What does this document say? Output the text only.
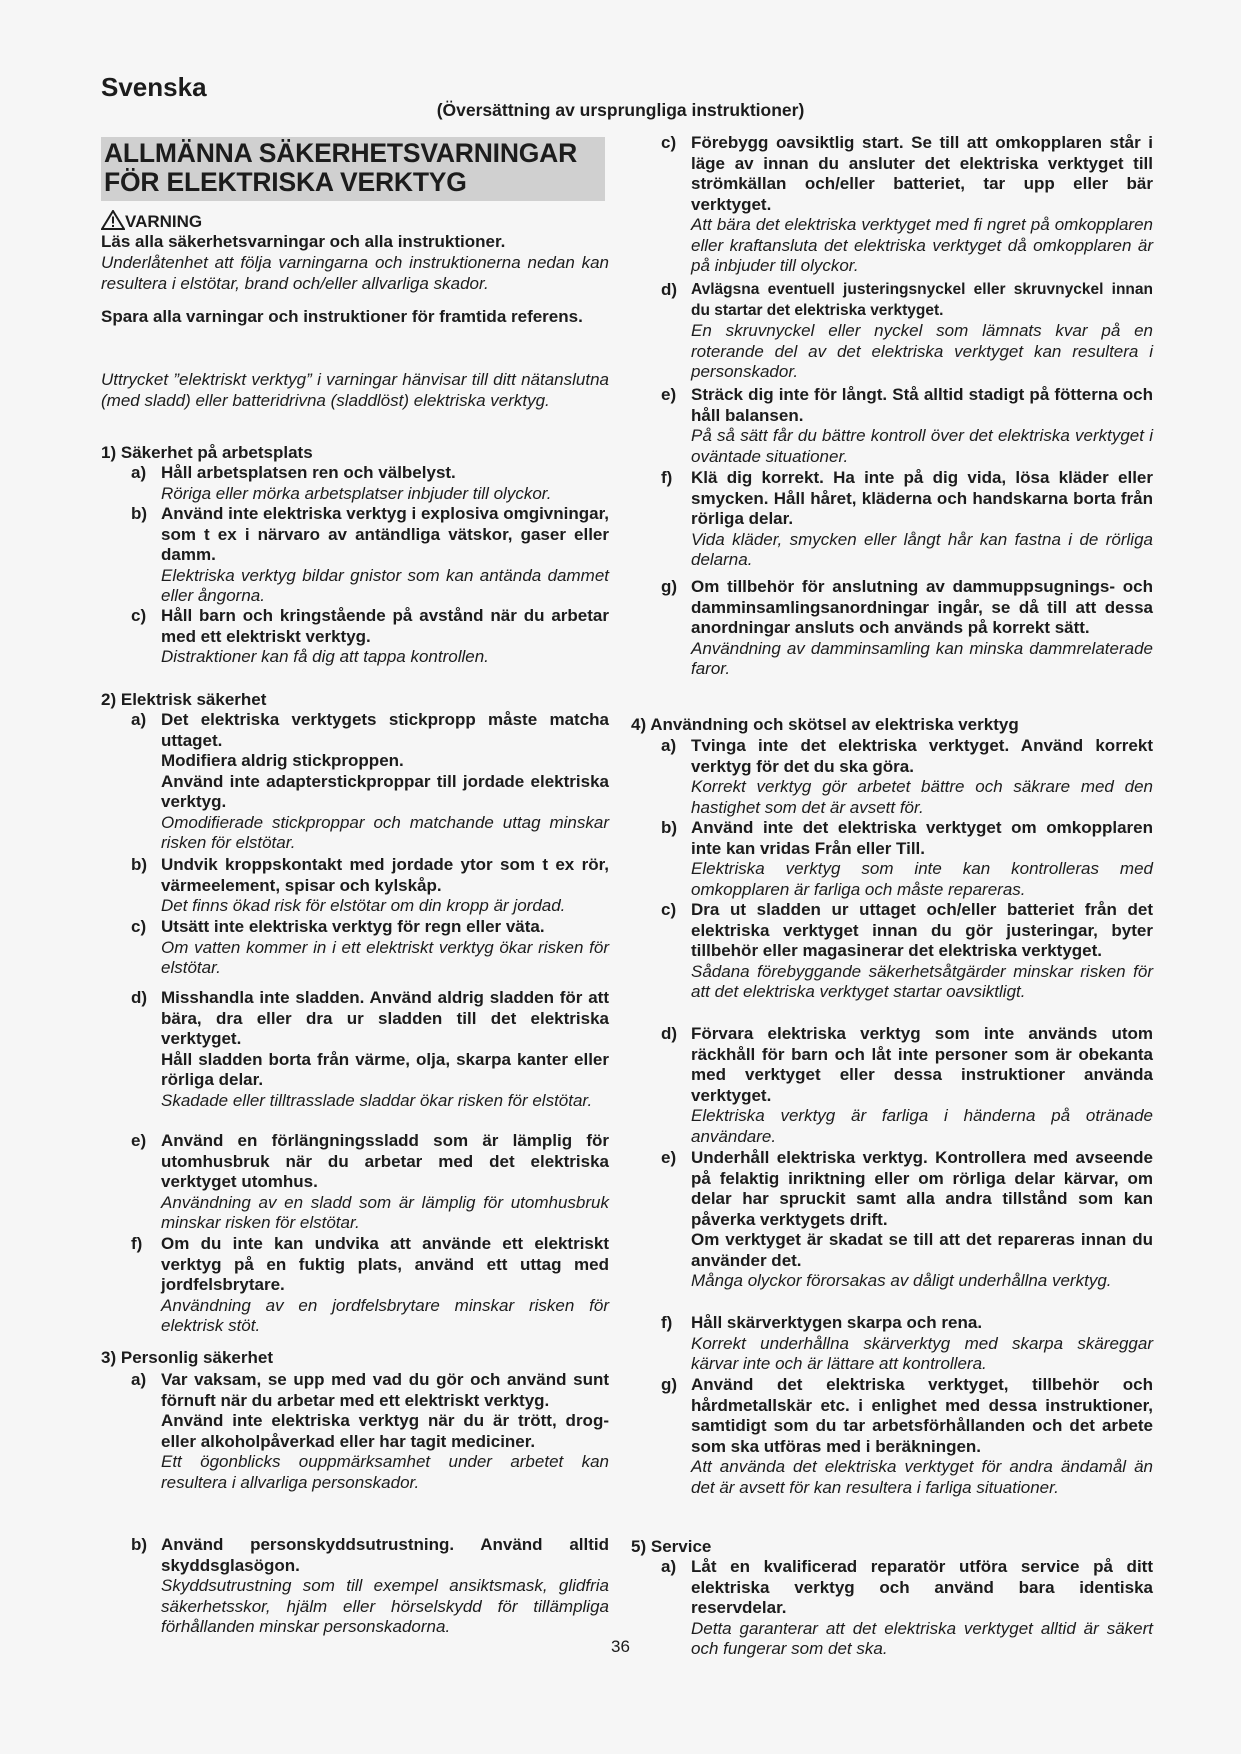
Svenska
(Översättning av ursprungliga instruktioner)

ALLMÄNNA SÄKERHETSVARNINGAR FÖR ELEKTRISKA VERKTYG

VARNING
Läs alla säkerhetsvarningar och alla instruktioner.
Underlåtenhet att följa varningarna och instruktionerna nedan kan resultera i elstötar, brand och/eller allvarliga skador.
Spara alla varningar och instruktioner för framtida referens.
Uttrycket ”elektriskt verktyg” i varningar hänvisar till ditt nätanslutna (med sladd) eller batteridrivna (sladdlöst) elektriska verktyg.
1) Säkerhet på arbetsplats
a) Håll arbetsplatsen ren och välbelyst.
Röriga eller mörka arbetsplatser inbjuder till olyckor.
b) Använd inte elektriska verktyg i explosiva omgivningar, som t ex i närvaro av antändliga vätskor, gaser eller damm.
Elektriska verktyg bildar gnistor som kan antända dammet eller ångorna.
c) Håll barn och kringstående på avstånd när du arbetar med ett elektriskt verktyg.
Distraktioner kan få dig att tappa kontrollen.
2) Elektrisk säkerhet
a) Det elektriska verktygets stickpropp måste matcha uttaget.
Modifiera aldrig stickproppen.
Använd inte adapterstickproppar till jordade elektriska verktyg.
Omodifierade stickproppar och matchande uttag minskar risken för elstötar.
b) Undvik kroppskontakt med jordade ytor som t ex rör, värmeelement, spisar och kylskåp.
Det finns ökad risk för elstötar om din kropp är jordad.
c) Utsätt inte elektriska verktyg för regn eller väta.
Om vatten kommer in i ett elektriskt verktyg ökar risken för elstötar.
d) Misshandla inte sladden. Använd aldrig sladden för att bära, dra eller dra ur sladden till det elektriska verktyget.
Håll sladden borta från värme, olja, skarpa kanter eller rörliga delar.
Skadade eller tilltrasslade sladdar ökar risken för elstötar.
e) Använd en förlängningssladd som är lämplig för utomhusbruk när du arbetar med det elektriska verktyget utomhus.
Användning av en sladd som är lämplig för utomhusbruk minskar risken för elstötar.
f) Om du inte kan undvika att använde ett elektriskt verktyg på en fuktig plats, använd ett uttag med jordfelsbrytare.
Användning av en jordfelsbrytare minskar risken för elektrisk stöt.
3) Personlig säkerhet
a) Var vaksam, se upp med vad du gör och använd sunt förnuft när du arbetar med ett elektriskt verktyg.
Använd inte elektriska verktyg när du är trött, drog- eller alkoholpåverkad eller har tagit mediciner.
Ett ögonblicks ouppmärksamhet under arbetet kan resultera i allvarliga personskador.
b) Använd personskyddsutrustning. Använd alltid skyddsglasögon.
Skyddsutrustning som till exempel ansiktsmask, glidfria säkerhetsskor, hjälm eller hörselskydd för tillämpliga förhållanden minskar personskadorna.
c) Förebygg oavsiktlig start. Se till att omkopplaren står i läge av innan du ansluter det elektriska verktyget till strömkällan och/eller batteriet, tar upp eller bär verktyget.
Att bära det elektriska verktyget med fi ngret på omkopplaren eller kraftansluta det elektriska verktyget då omkopplaren är på inbjuder till olyckor.
d) Avlägsna eventuell justeringsnyckel eller skruvnyckel innan du startar det elektriska verktyget.
En skruvnyckel eller nyckel som lämnats kvar på en roterande del av det elektriska verktyget kan resultera i personskador.
e) Sträck dig inte för långt. Stå alltid stadigt på fötterna och håll balansen.
På så sätt får du bättre kontroll över det elektriska verktyget i oväntade situationer.
f) Klä dig korrekt. Ha inte på dig vida, lösa kläder eller smycken. Håll håret, kläderna och handskarna borta från rörliga delar.
Vida kläder, smycken eller långt hår kan fastna i de rörliga delarna.
g) Om tillbehör för anslutning av dammuppsugnings- och damminsamlingsanordningar ingår, se då till att dessa anordningar ansluts och används på korrekt sätt.
Användning av damminsamling kan minska dammrelaterade faror.
4) Användning och skötsel av elektriska verktyg
a) Tvinga inte det elektriska verktyget. Använd korrekt verktyg för det du ska göra.
Korrekt verktyg gör arbetet bättre och säkrare med den hastighet som det är avsett för.
b) Använd inte det elektriska verktyget om omkopplaren inte kan vridas Från eller Till.
Elektriska verktyg som inte kan kontrolleras med omkopplaren är farliga och måste repareras.
c) Dra ut sladden ur uttaget och/eller batteriet från det elektriska verktyget innan du gör justeringar, byter tillbehör eller magasinerar det elektriska verktyget.
Sådana förebyggande säkerhetsåtgärder minskar risken för att det elektriska verktyget startar oavsiktligt.
d) Förvara elektriska verktyg som inte används utom räckhåll för barn och låt inte personer som är obekanta med verktyget eller dessa instruktioner använda verktyget.
Elektriska verktyg är farliga i händerna på otränade användare.
e) Underhåll elektriska verktyg. Kontrollera med avseende på felaktig inriktning eller om rörliga delar kärvar, om delar har spruckit samt alla andra tillstånd som kan påverka verktygets drift.
Om verktyget är skadat se till att det repareras innan du använder det.
Många olyckor förorsakas av dåligt underhållna verktyg.
f) Håll skärverktygen skarpa och rena.
Korrekt underhållna skärverktyg med skarpa skäreggar kärvar inte och är lättare att kontrollera.
g) Använd det elektriska verktyget, tillbehör och hårdmetallskär etc. i enlighet med dessa instruktioner, samtidigt som du tar arbetsförhållanden och det arbete som ska utföras med i beräkningen.
Att använda det elektriska verktyget för andra ändamål än det är avsett för kan resultera i farliga situationer.
5) Service
a) Låt en kvalificerad reparatör utföra service på ditt elektriska verktyg och använd bara identiska reservdelar.
Detta garanterar att det elektriska verktyget alltid är säkert och fungerar som det ska.
36
